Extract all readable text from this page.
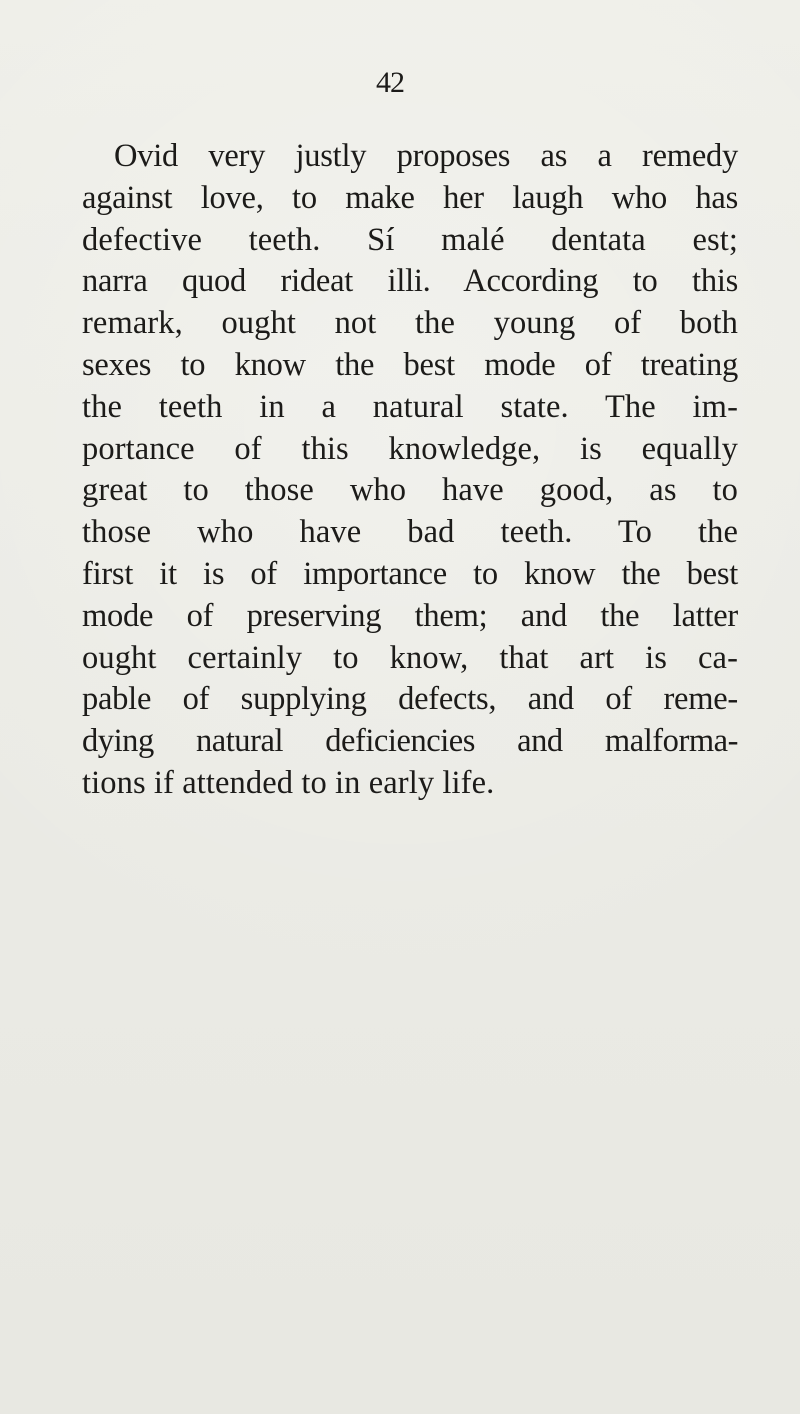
42

Ovid very justly proposes as a remedy
against love, to make her laugh who has
defective teeth. Sí malé dentata est;
narra quod rideat illi. According to this
remark, ought not the young of both
sexes to know the best mode of treating
the teeth in a natural state. The im-
portance of this knowledge, is equally
great to those who have good, as to
those who have bad teeth. To the
first it is of importance to know the best
mode of preserving them; and the latter
ought certainly to know, that art is ca-
pable of supplying defects, and of reme-
dying natural deficiencies and malforma-
tions if attended to in early life.
